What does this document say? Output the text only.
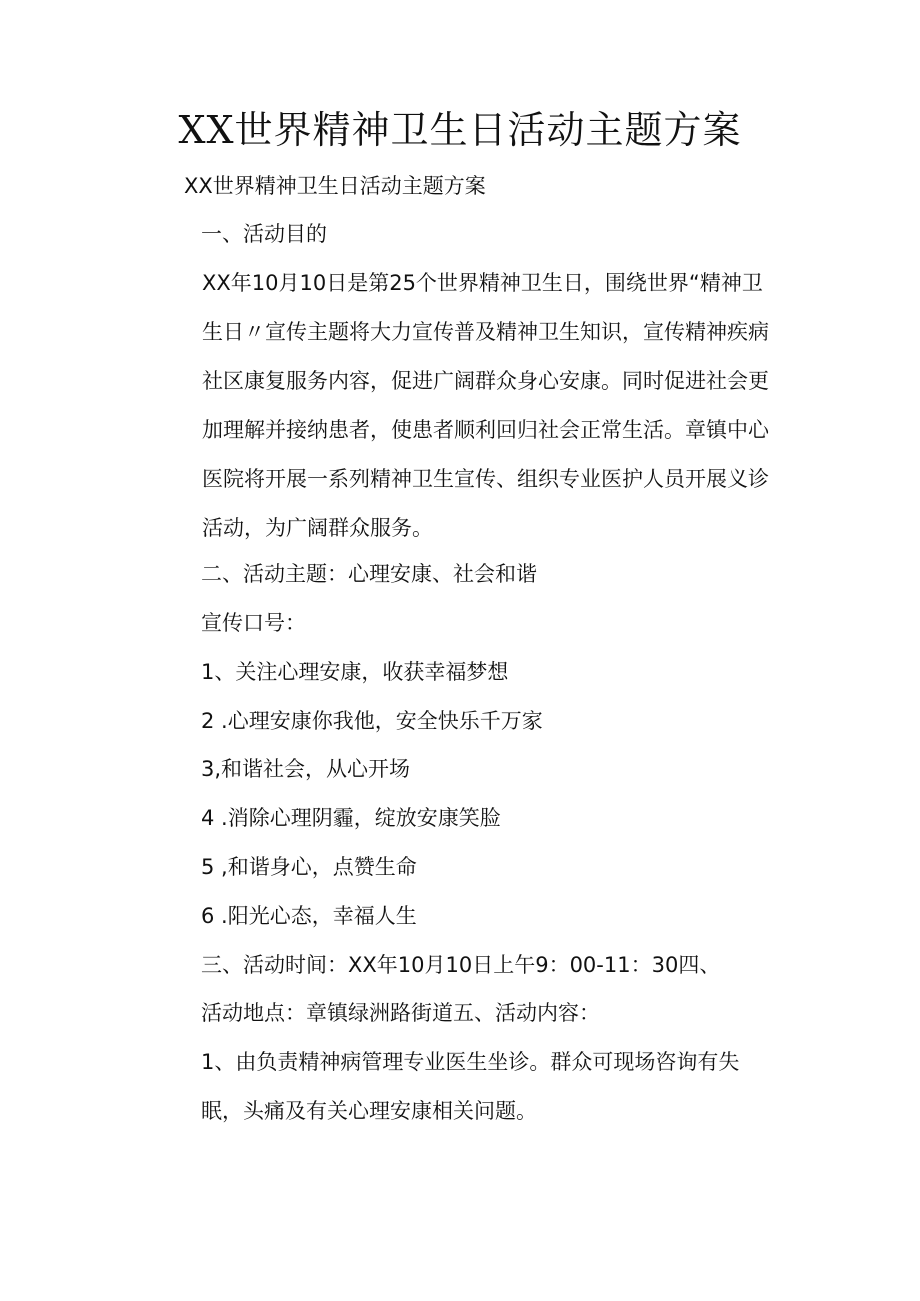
XX世界精神卫生日活动主题方案
XX世界精神卫生日活动主题方案
一、活动目的
XX年10月10日是第25个世界精神卫生日，围绕世界“精神卫生日〃宣传主题将大力宣传普及精神卫生知识，宣传精神疾病社区康复服务内容，促进广阔群众身心安康。同时促进社会更加理解并接纳患者，使患者顺利回归社会正常生活。章镇中心医院将开展一系列精神卫生宣传、组织专业医护人员开展义诊活动，为广阔群众服务。
二、活动主题：心理安康、社会和谐
宣传口号：
1、关注心理安康，收获幸福梦想
2 .心理安康你我他，安全快乐千万家
3,和谐社会，从心开场
4 .消除心理阴霾，绽放安康笑脸
5 ,和谐身心，点赞生命
6 .阳光心态，幸福人生
三、活动时间：XX年10月10日上午9：00-11：30四、
活动地点：章镇绿洲路街道五、活动内容：
1、由负责精神病管理专业医生坐诊。群众可现场咨询有失眠，头痛及有关心理安康相关问题。
